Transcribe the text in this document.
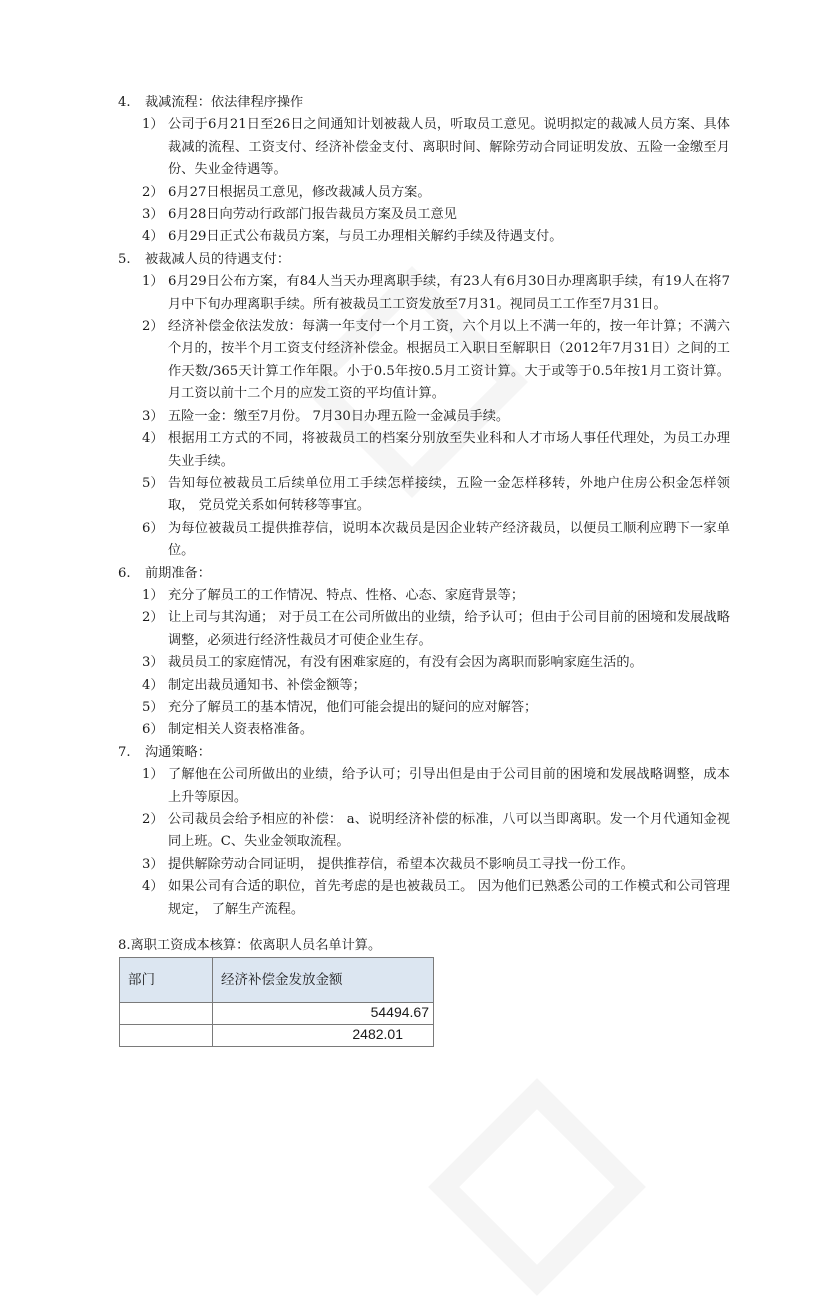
4.	裁减流程：依法律程序操作
1） 公司于6月21日至26日之间通知计划被裁人员，听取员工意见。说明拟定的裁减人员方案、具体裁减的流程、工资支付、经济补偿金支付、离职时间、解除劳动合同证明发放、五险一金缴至月份、失业金待遇等。
2） 6月27日根据员工意见，修改裁减人员方案。
3） 6月28日向劳动行政部门报告裁员方案及员工意见
4） 6月29日正式公布裁员方案，与员工办理相关解约手续及待遇支付。
5.	被裁减人员的待遇支付：
1） 6月29日公布方案，有84人当天办理离职手续，有23人有6月30日办理离职手续，有19人在将7月中下旬办理离职手续。所有被裁员工工资发放至7月31。视同员工工作至7月31日。
2） 经济补偿金依法发放：每满一年支付一个月工资，六个月以上不满一年的，按一年计算；不满六个月的，按半个月工资支付经济补偿金。根据员工入职日至解职日（2012年7月31日）之间的工作天数/365天计算工作年限。小于0.5年按0.5月工资计算。大于或等于0.5年按1月工资计算。月工资以前十二个月的应发工资的平均值计算。
3） 五险一金：缴至7月份。 7月30日办理五险一金减员手续。
4） 根据用工方式的不同，将被裁员工的档案分别放至失业科和人才市场人事任代理处，为员工办理失业手续。
5） 告知每位被裁员工后续单位用工手续怎样接续，五险一金怎样移转，外地户住房公积金怎样领取， 党员党关系如何转移等事宜。
6） 为每位被裁员工提供推荐信，说明本次裁员是因企业转产经济裁员，以便员工顺利应聘下一家单位。
6.	前期准备：
1） 充分了解员工的工作情况、特点、性格、心态、家庭背景等；
2） 让上司与其沟通； 对于员工在公司所做出的业绩，给予认可；但由于公司目前的困境和发展战略调整，必须进行经济性裁员才可使企业生存。
3） 裁员员工的家庭情况，有没有困难家庭的，有没有会因为离职而影响家庭生活的。
4） 制定出裁员通知书、补偿金额等；
5） 充分了解员工的基本情况，他们可能会提出的疑问的应对解答；
6） 制定相关人资表格准备。
7.	沟通策略：
1） 了解他在公司所做出的业绩，给予认可；引导出但是由于公司目前的困境和发展战略调整，成本上升等原因。
2） 公司裁员会给予相应的补偿： a、说明经济补偿的标准，八可以当即离职。发一个月代通知金视同上班。C、失业金领取流程。
3） 提供解除劳动合同证明， 提供推荐信，希望本次裁员不影响员工寻找一份工作。
4） 如果公司有合适的职位，首先考虑的是也被裁员工。 因为他们已熟悉公司的工作模式和公司管理规定， 了解生产流程。
8.离职工资成本核算：依离职人员名单计算。
部门	经济补偿金发放金额
	54494.67
	2482.01
